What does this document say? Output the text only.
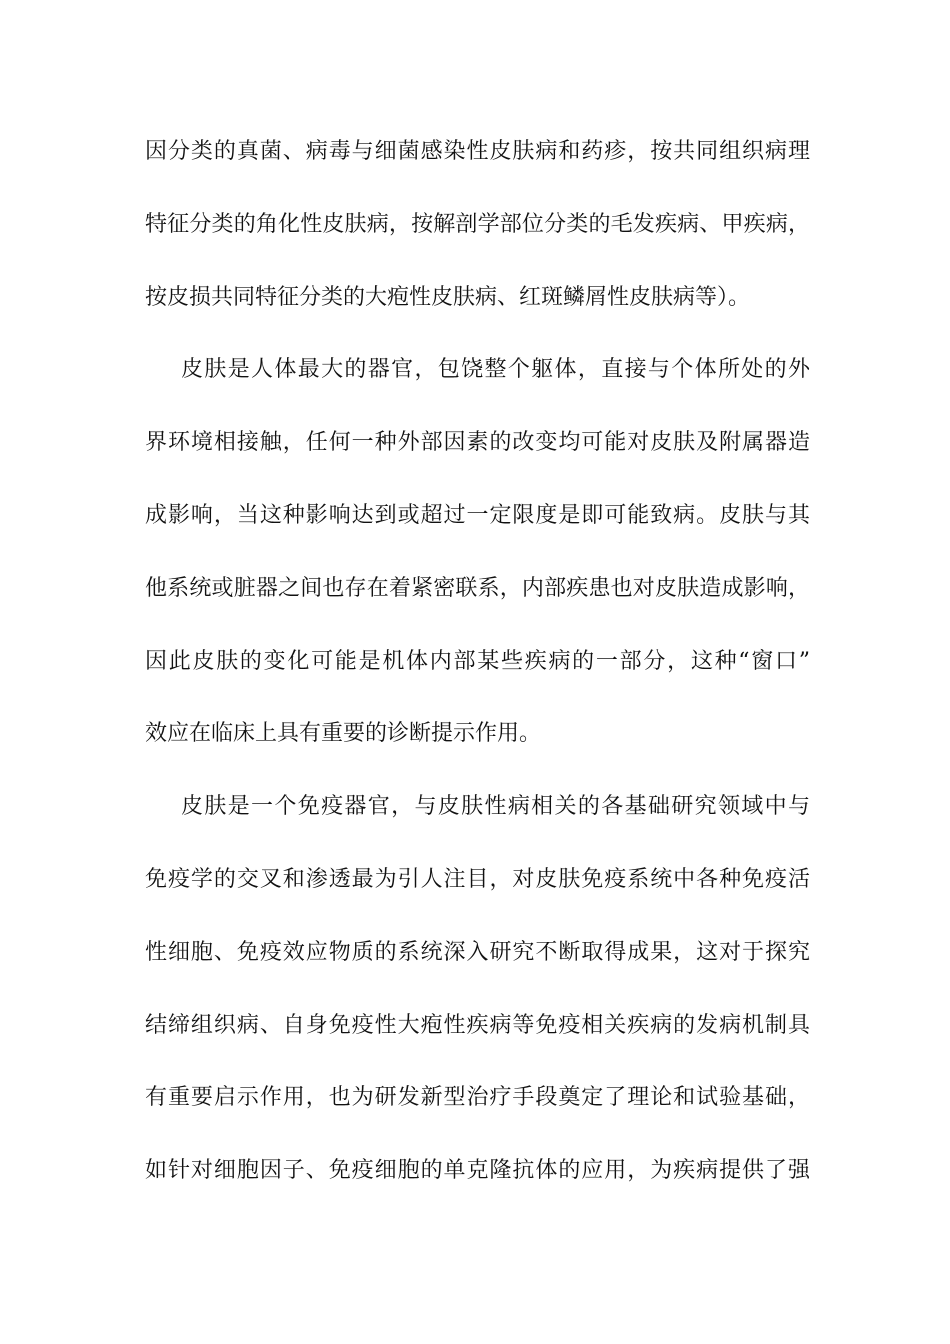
因分类的真菌、病毒与细菌感染性皮肤病和药疹，按共同组织病理
特征分类的角化性皮肤病，按解剖学部位分类的毛发疾病、甲疾病，
按皮损共同特征分类的大疱性皮肤病、红斑鳞屑性皮肤病等）。
皮肤是人体最大的器官，包饶整个躯体，直接与个体所处的外
界环境相接触，任何一种外部因素的改变均可能对皮肤及附属器造
成影响，当这种影响达到或超过一定限度是即可能致病。皮肤与其
他系统或脏器之间也存在着紧密联系，内部疾患也对皮肤造成影响，
因此皮肤的变化可能是机体内部某些疾病的一部分，这种“窗口”
效应在临床上具有重要的诊断提示作用。
皮肤是一个免疫器官，与皮肤性病相关的各基础研究领域中与
免疫学的交叉和渗透最为引人注目，对皮肤免疫系统中各种免疫活
性细胞、免疫效应物质的系统深入研究不断取得成果，这对于探究
结缔组织病、自身免疫性大疱性疾病等免疫相关疾病的发病机制具
有重要启示作用，也为研发新型治疗手段奠定了理论和试验基础，
如针对细胞因子、免疫细胞的单克隆抗体的应用，为疾病提供了强
